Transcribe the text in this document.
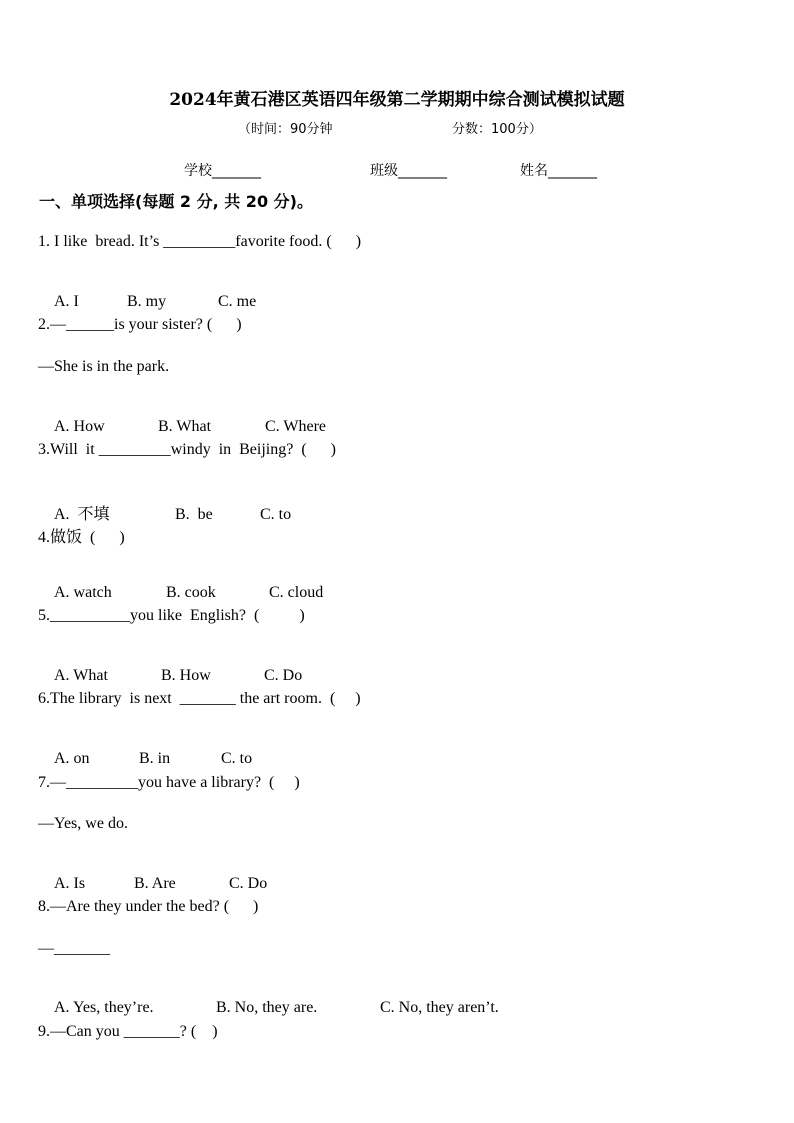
2024年黄石港区英语四年级第二学期期中综合测试模拟试题
（时间：90分钟	分数：100分）
学校_______	班级_______	姓名_______
一、单项选择(每题 2 分, 共 20 分)。
1. I like  bread. It’s _________favorite food. (      )

A. I	B. my	C. me

2.—______is your sister? (      )
—She is in the park.

A. How	B. What	C. Where

3.Will  it _________windy  in  Beijing?  (      )

A.  不填	B.  be	C. to

4.做饭  (      )

A. watch	B. cook	C. cloud

5.__________you like  English?  (          )

A. What	B. How	C. Do

6.The library  is next  _______ the art room.  (     )

A. on	B. in	C. to

7.—_________you have a library?  (     )
—Yes, we do.

A. Is	B. Are	C. Do

8.—Are they under the bed? (      )
—_______

A. Yes, they’re.	B. No, they are.	C. No, they aren’t.

9.—Can you _______? (    )
